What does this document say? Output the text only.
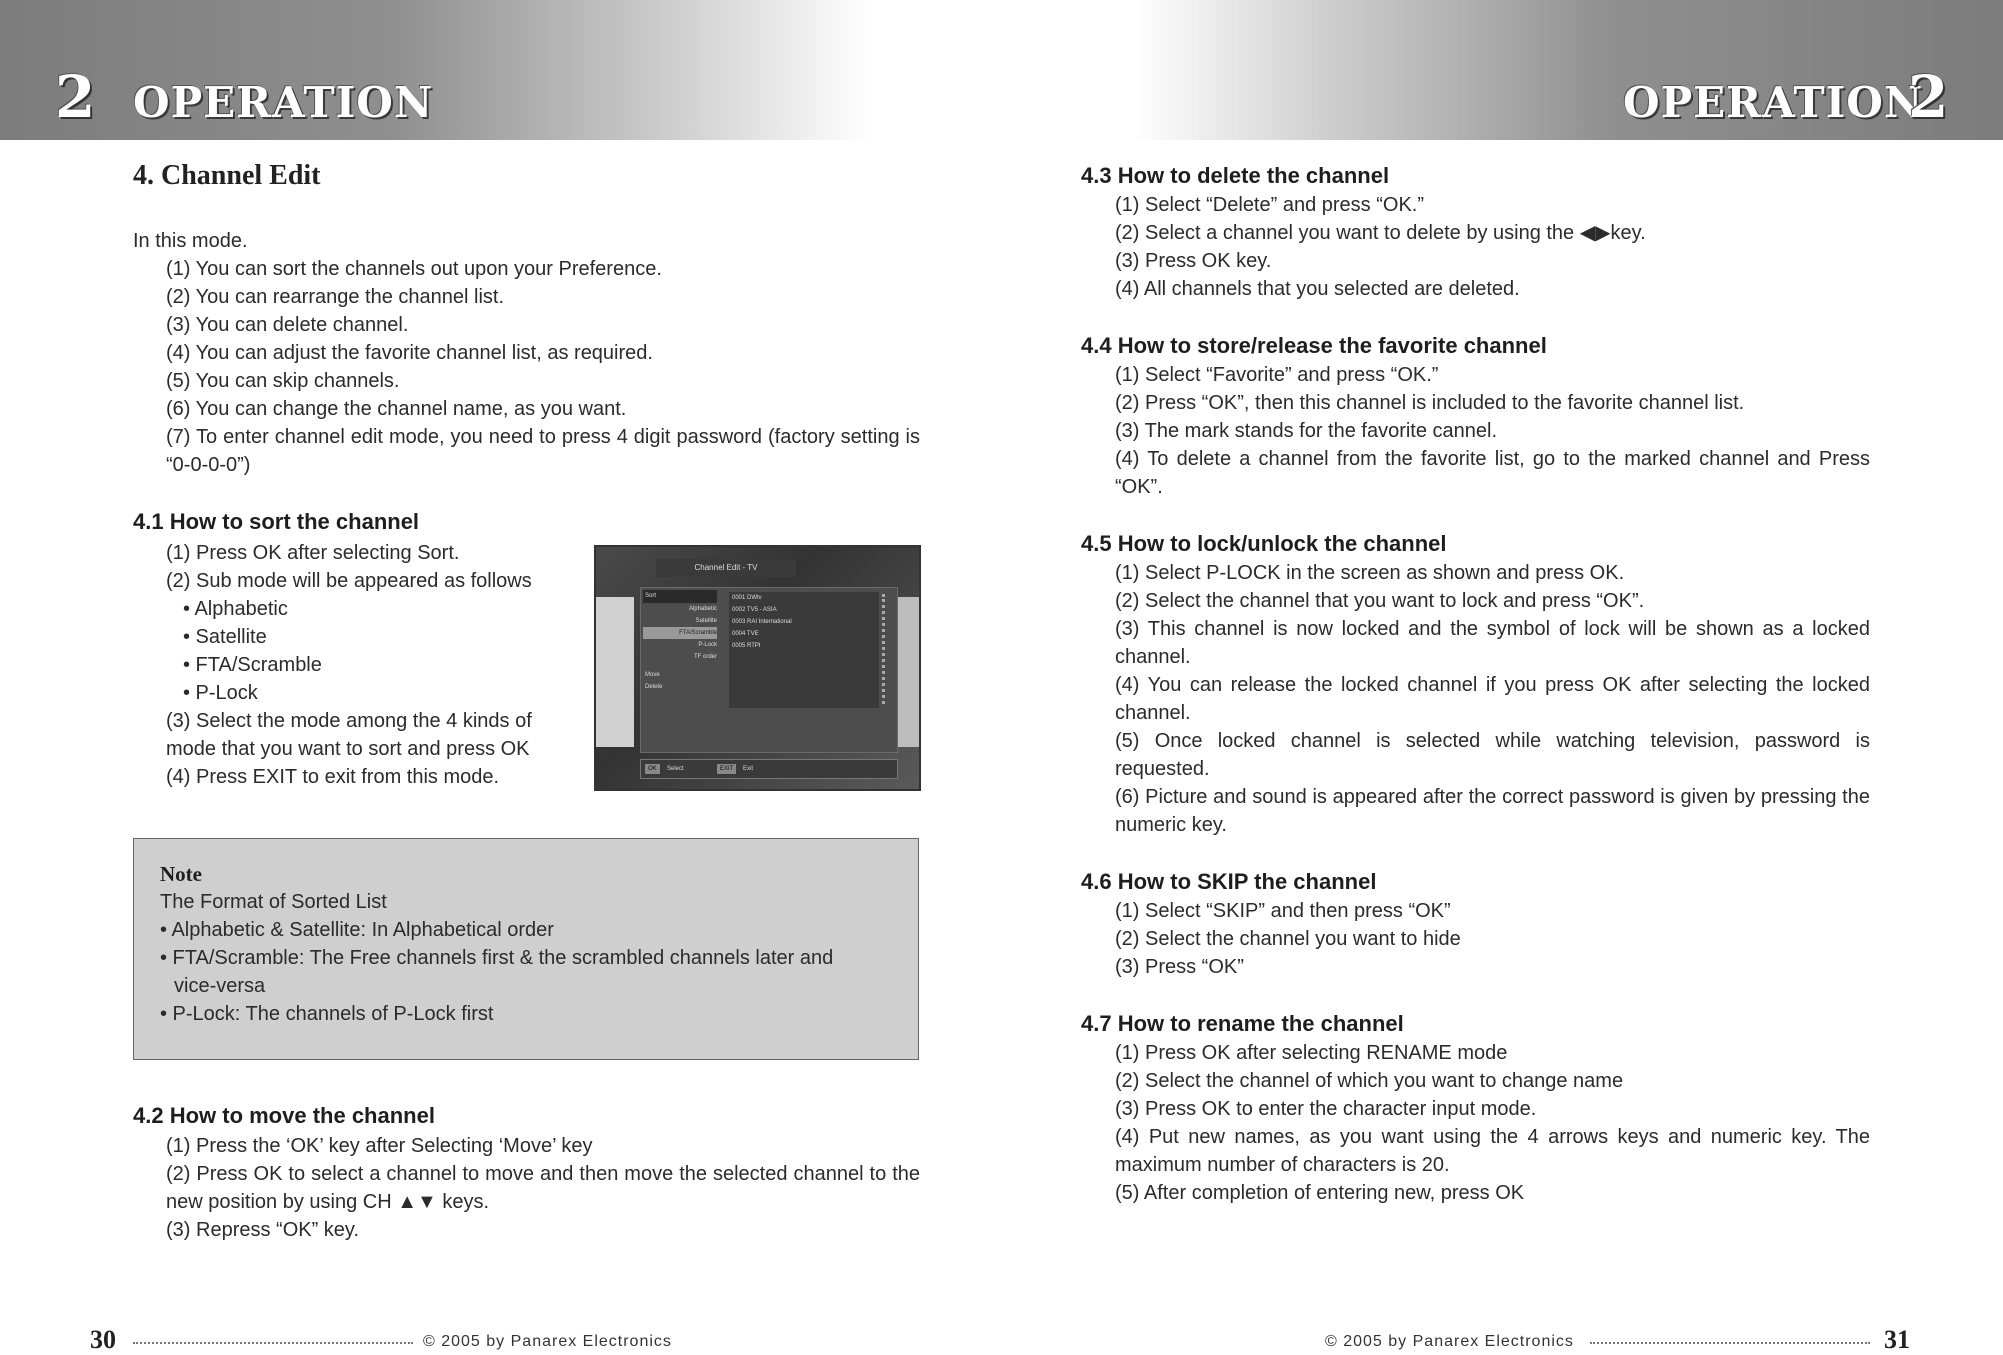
2 OPERATION	OPERATION
2
4. Channel Edit
In this mode.
(1) You can sort the channels out upon your Preference.
(2) You can rearrange the channel list.
(3) You can delete channel.
(4) You can adjust the favorite channel list, as required.
(5) You can skip channels.
(6) You can change the channel name, as you want.
(7) To enter channel edit mode, you need to press 4 digit password (factory setting is “0-0-0-0”)
4.1 How to sort the channel
(1) Press OK after selecting Sort.
(2) Sub mode will be appeared as follows
• Alphabetic
• Satellite
• FTA/Scramble
• P-Lock
(3) Select the mode among the 4 kinds of
mode that you want to sort and press OK
(4) Press EXIT to exit from this mode.
Channel Edit - TV
Sort
Alphabetic
Satellite
FTA/Scramble
P-Lock
TF order
Move
Delete
0001 DWtv
0002 TV5 - ASIA
0003 RAI International
0004 TVE
0005 RTPI
OK	Select	EXIT	Exit
Note
The Format of Sorted List
• Alphabetic & Satellite: In Alphabetical order
• FTA/Scramble: The Free channels first & the scrambled channels later and
vice-versa
• P-Lock: The channels of P-Lock first
4.2 How to move the channel
(1) Press the ‘OK’ key after Selecting ‘Move’ key
(2) Press OK to select a channel to move and then move the selected channel to the new position by using CH ▲▼ keys.
(3) Repress “OK” key.
30	© 2005 by Panarex Electronics
4.3 How to delete the channel
(1) Select “Delete” and press “OK.”
(2) Select a channel you want to delete by using the ◀▶key.
(3) Press OK key.
(4) All channels that you selected are deleted.
4.4 How to store/release the favorite channel
(1) Select “Favorite” and press “OK.”
(2) Press “OK”, then this channel is included to the favorite channel list.
(3) The mark stands for the favorite cannel.
(4) To delete a channel from the favorite list, go to the marked channel and Press “OK”.
4.5 How to lock/unlock the channel
(1) Select P-LOCK in the screen as shown and press OK.
(2) Select the channel that you want to lock and press “OK”.
(3) This channel is now locked and the symbol of lock will be shown as a locked channel.
(4) You can release the locked channel if you press OK after selecting the locked channel.
(5) Once locked channel is selected while watching television, password is requested.
(6) Picture and sound is appeared after the correct password is given by pressing the numeric key.
4.6 How to SKIP the channel
(1) Select “SKIP” and then press “OK”
(2) Select the channel you want to hide
(3) Press “OK”
4.7 How to rename the channel
(1) Press OK after selecting RENAME mode
(2) Select the channel of which you want to change name
(3) Press OK to enter the character input mode.
(4) Put new names, as you want using the 4 arrows keys and numeric key. The maximum number of characters is 20.
(5) After completion of entering new, press OK
© 2005 by Panarex Electronics	31
